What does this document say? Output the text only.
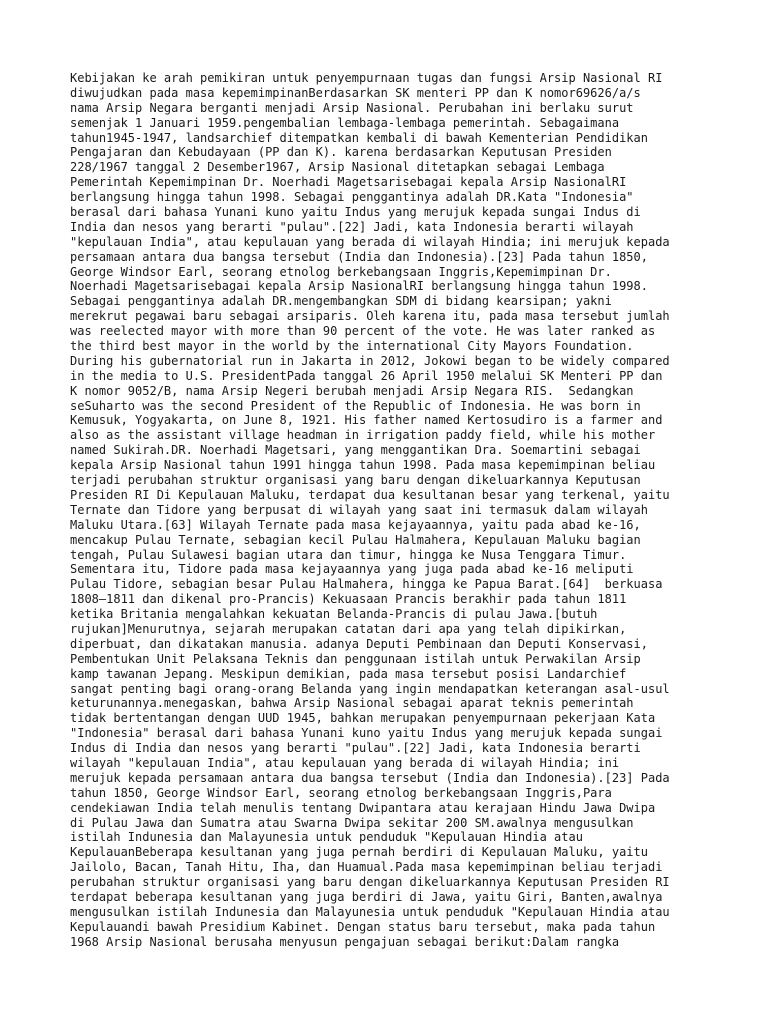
Kebijakan ke arah pemikiran untuk penyempurnaan tugas dan fungsi Arsip Nasional RI
diwujudkan pada masa kepemimpinanBerdasarkan SK menteri PP dan K nomor69626/a/s
nama Arsip Negara berganti menjadi Arsip Nasional. Perubahan ini berlaku surut
semenjak 1 Januari 1959.pengembalian lembaga-lembaga pemerintah. Sebagaimana
tahun1945-1947, landsarchief ditempatkan kembali di bawah Kementerian Pendidikan
Pengajaran dan Kebudayaan (PP dan K). karena berdasarkan Keputusan Presiden
228/1967 tanggal 2 Desember1967, Arsip Nasional ditetapkan sebagai Lembaga
Pemerintah Kepemimpinan Dr. Noerhadi Magetsarisebagai kepala Arsip NasionalRI
berlangsung hingga tahun 1998. Sebagai penggantinya adalah DR.Kata "Indonesia"
berasal dari bahasa Yunani kuno yaitu Indus yang merujuk kepada sungai Indus di
India dan nesos yang berarti "pulau".[22] Jadi, kata Indonesia berarti wilayah
"kepulauan India", atau kepulauan yang berada di wilayah Hindia; ini merujuk kepada
persamaan antara dua bangsa tersebut (India dan Indonesia).[23] Pada tahun 1850,
George Windsor Earl, seorang etnolog berkebangsaan Inggris,Kepemimpinan Dr.
Noerhadi Magetsarisebagai kepala Arsip NasionalRI berlangsung hingga tahun 1998.
Sebagai penggantinya adalah DR.mengembangkan SDM di bidang kearsipan; yakni
merekrut pegawai baru sebagai arsiparis. Oleh karena itu, pada masa tersebut jumlah
was reelected mayor with more than 90 percent of the vote. He was later ranked as
the third best mayor in the world by the international City Mayors Foundation.
During his gubernatorial run in Jakarta in 2012, Jokowi began to be widely compared
in the media to U.S. PresidentPada tanggal 26 April 1950 melalui SK Menteri PP dan
K nomor 9052/B, nama Arsip Negeri berubah menjadi Arsip Negara RIS.  Sedangkan
seSuharto was the second President of the Republic of Indonesia. He was born in
Kemusuk, Yogyakarta, on June 8, 1921. His father named Kertosudiro is a farmer and
also as the assistant village headman in irrigation paddy field, while his mother
named Sukirah.DR. Noerhadi Magetsari, yang menggantikan Dra. Soemartini sebagai
kepala Arsip Nasional tahun 1991 hingga tahun 1998. Pada masa kepemimpinan beliau
terjadi perubahan struktur organisasi yang baru dengan dikeluarkannya Keputusan
Presiden RI Di Kepulauan Maluku, terdapat dua kesultanan besar yang terkenal, yaitu
Ternate dan Tidore yang berpusat di wilayah yang saat ini termasuk dalam wilayah
Maluku Utara.[63] Wilayah Ternate pada masa kejayaannya, yaitu pada abad ke-16,
mencakup Pulau Ternate, sebagian kecil Pulau Halmahera, Kepulauan Maluku bagian
tengah, Pulau Sulawesi bagian utara dan timur, hingga ke Nusa Tenggara Timur.
Sementara itu, Tidore pada masa kejayaannya yang juga pada abad ke-16 meliputi
Pulau Tidore, sebagian besar Pulau Halmahera, hingga ke Papua Barat.[64]  berkuasa
1808–1811 dan dikenal pro-Prancis) Kekuasaan Prancis berakhir pada tahun 1811
ketika Britania mengalahkan kekuatan Belanda-Prancis di pulau Jawa.[butuh
rujukan]Menurutnya, sejarah merupakan catatan dari apa yang telah dipikirkan,
diperbuat, dan dikatakan manusia. adanya Deputi Pembinaan dan Deputi Konservasi,
Pembentukan Unit Pelaksana Teknis dan penggunaan istilah untuk Perwakilan Arsip
kamp tawanan Jepang. Meskipun demikian, pada masa tersebut posisi Landarchief
sangat penting bagi orang-orang Belanda yang ingin mendapatkan keterangan asal-usul
keturunannya.menegaskan, bahwa Arsip Nasional sebagai aparat teknis pemerintah
tidak bertentangan dengan UUD 1945, bahkan merupakan penyempurnaan pekerjaan Kata
"Indonesia" berasal dari bahasa Yunani kuno yaitu Indus yang merujuk kepada sungai
Indus di India dan nesos yang berarti "pulau".[22] Jadi, kata Indonesia berarti
wilayah "kepulauan India", atau kepulauan yang berada di wilayah Hindia; ini
merujuk kepada persamaan antara dua bangsa tersebut (India dan Indonesia).[23] Pada
tahun 1850, George Windsor Earl, seorang etnolog berkebangsaan Inggris,Para
cendekiawan India telah menulis tentang Dwipantara atau kerajaan Hindu Jawa Dwipa
di Pulau Jawa dan Sumatra atau Swarna Dwipa sekitar 200 SM.awalnya mengusulkan
istilah Indunesia dan Malayunesia untuk penduduk "Kepulauan Hindia atau
KepulauanBeberapa kesultanan yang juga pernah berdiri di Kepulauan Maluku, yaitu
Jailolo, Bacan, Tanah Hitu, Iha, dan Huamual.Pada masa kepemimpinan beliau terjadi
perubahan struktur organisasi yang baru dengan dikeluarkannya Keputusan Presiden RI
terdapat beberapa kesultanan yang juga berdiri di Jawa, yaitu Giri, Banten,awalnya
mengusulkan istilah Indunesia dan Malayunesia untuk penduduk "Kepulauan Hindia atau
Kepulauandi bawah Presidium Kabinet. Dengan status baru tersebut, maka pada tahun
1968 Arsip Nasional berusaha menyusun pengajuan sebagai berikut:Dalam rangka
